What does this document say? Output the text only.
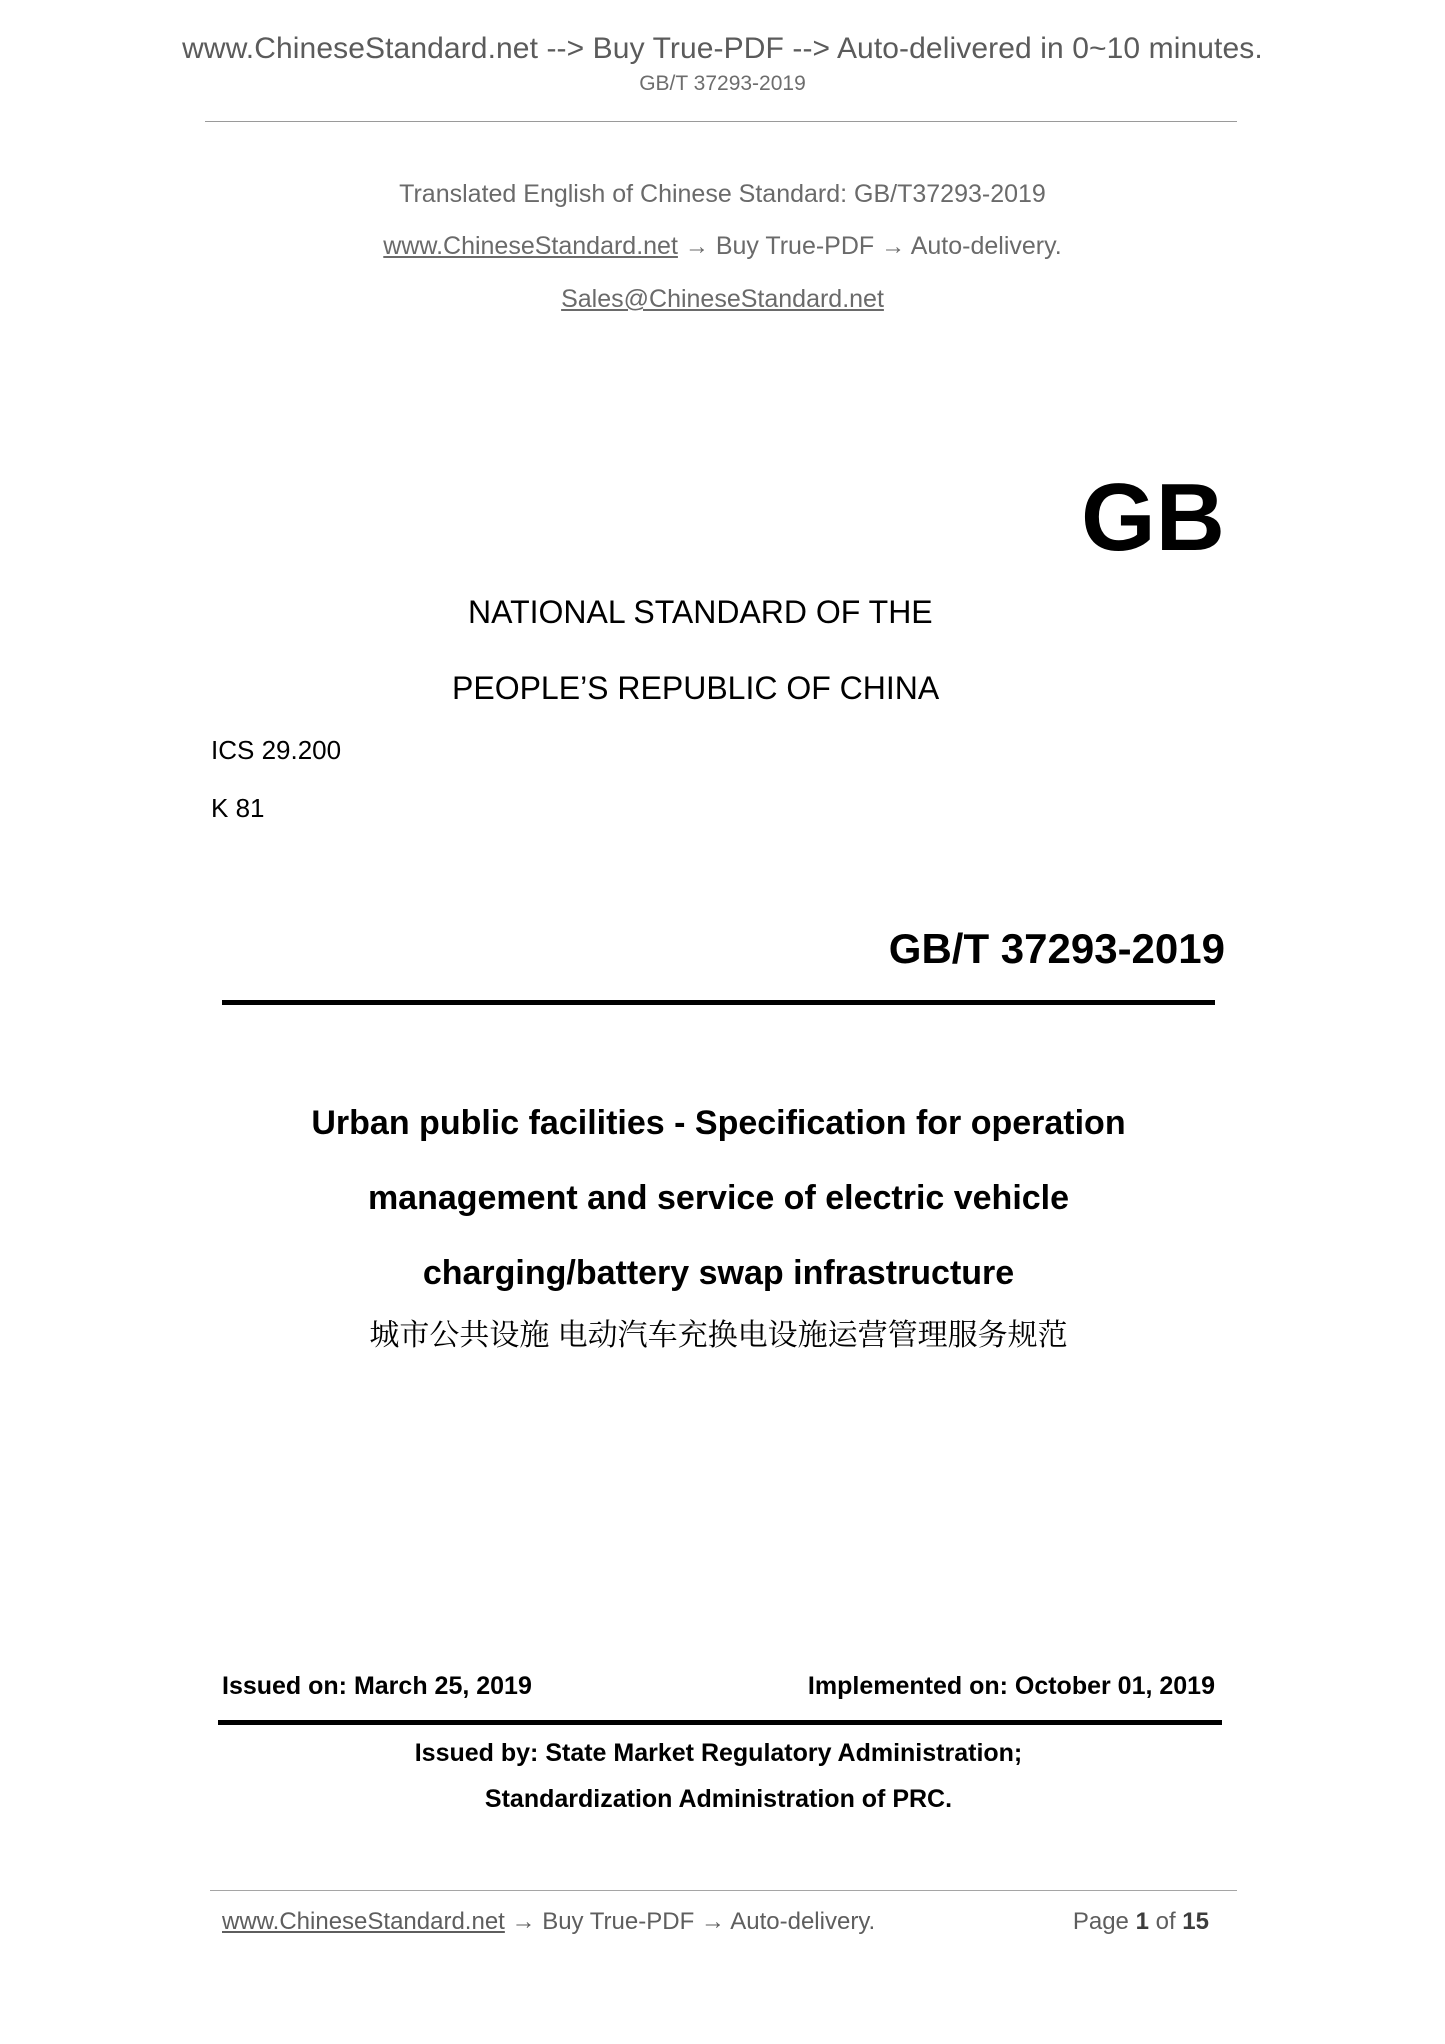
www.ChineseStandard.net --> Buy True-PDF --> Auto-delivered in 0~10 minutes.
GB/T 37293-2019
Translated English of Chinese Standard: GB/T37293-2019
www.ChineseStandard.net → Buy True-PDF → Auto-delivery.
Sales@ChineseStandard.net
GB
NATIONAL STANDARD OF THE
PEOPLE’S REPUBLIC OF CHINA
ICS 29.200
K 81
GB/T 37293-2019
Urban public facilities - Specification for operation
management and service of electric vehicle
charging/battery swap infrastructure
城市公共设施 电动汽车充换电设施运营管理服务规范
Issued on: March 25, 2019	Implemented on: October 01, 2019
Issued by: State Market Regulatory Administration;
Standardization Administration of PRC.
www.ChineseStandard.net → Buy True-PDF → Auto-delivery.	Page 1 of 15
